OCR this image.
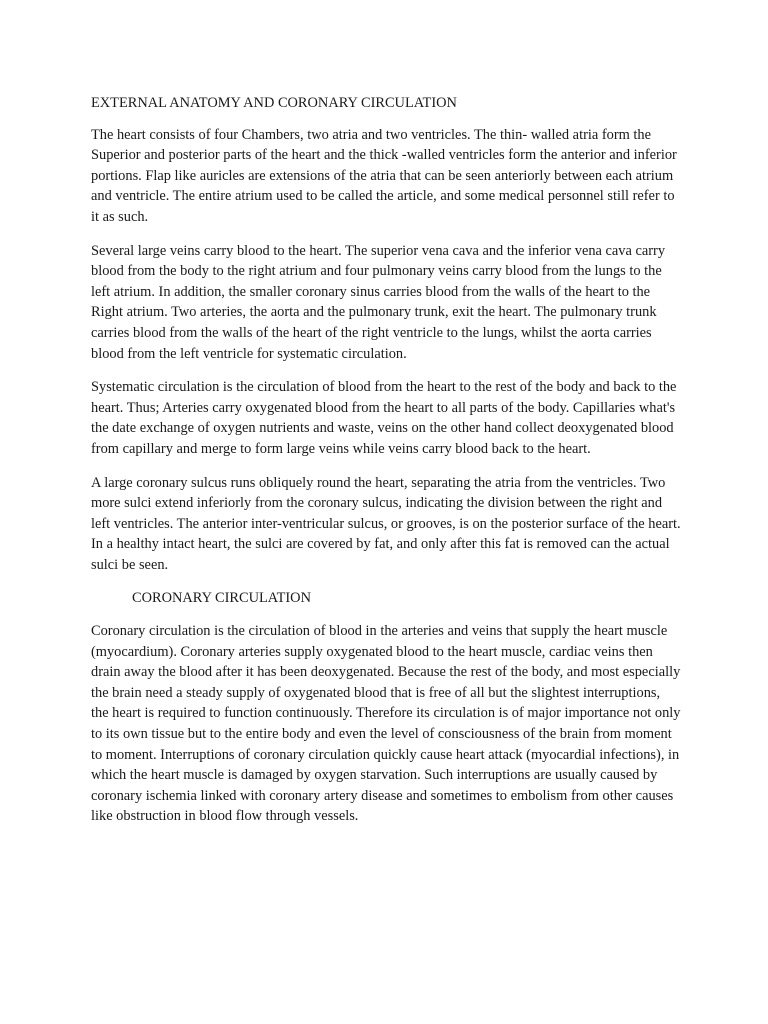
EXTERNAL ANATOMY AND CORONARY CIRCULATION

The heart consists of four Chambers, two atria and two ventricles. The thin- walled atria form the Superior and posterior parts of the heart and the thick -walled ventricles form the anterior and inferior portions. Flap like auricles are extensions of the atria that can be seen anteriorly between each atrium and ventricle. The entire atrium used to be called the article, and some medical personnel still refer to it as such.

Several large veins carry blood to the heart. The superior vena cava and the inferior vena cava carry blood from the body to the right atrium and four pulmonary veins carry blood from the lungs to the left atrium. In addition, the smaller coronary sinus carries blood from the walls of the heart to the Right atrium. Two arteries, the aorta and the pulmonary trunk, exit the heart. The pulmonary trunk carries blood from the walls of the heart of the right ventricle to the lungs, whilst the aorta carries blood from the left ventricle for systematic circulation.

Systematic circulation is the circulation of blood from the heart to the rest of the body and back to the heart. Thus; Arteries carry oxygenated blood from the heart to all parts of the body. Capillaries what's the date exchange of oxygen nutrients and waste, veins on the other hand collect deoxygenated blood from capillary and merge to form large veins while veins carry blood back to the heart.

A large coronary sulcus runs obliquely round the heart, separating the atria from the ventricles. Two more sulci extend inferiorly from the coronary sulcus, indicating the division between the right and left ventricles. The anterior inter-ventricular sulcus, or grooves, is on the posterior surface of the heart. In a healthy intact heart, the sulci are covered by fat, and only after this fat is removed can the actual sulci be seen.

CORONARY CIRCULATION

Coronary circulation is the circulation of blood in the arteries and veins that supply the heart muscle (myocardium). Coronary arteries supply oxygenated blood to the heart muscle, cardiac veins then drain away the blood after it has been deoxygenated. Because the rest of the body, and most especially the brain need a steady supply of oxygenated blood that is free of all but the slightest interruptions, the heart is required to function continuously. Therefore its circulation is of major importance not only to its own tissue but to the entire body and even the level of consciousness of the brain from moment to moment. Interruptions of coronary circulation quickly cause heart attack (myocardial infections), in which the heart muscle is damaged by oxygen starvation. Such interruptions are usually caused by coronary ischemia linked with coronary artery disease and sometimes to embolism from other causes like obstruction in blood flow through vessels.
